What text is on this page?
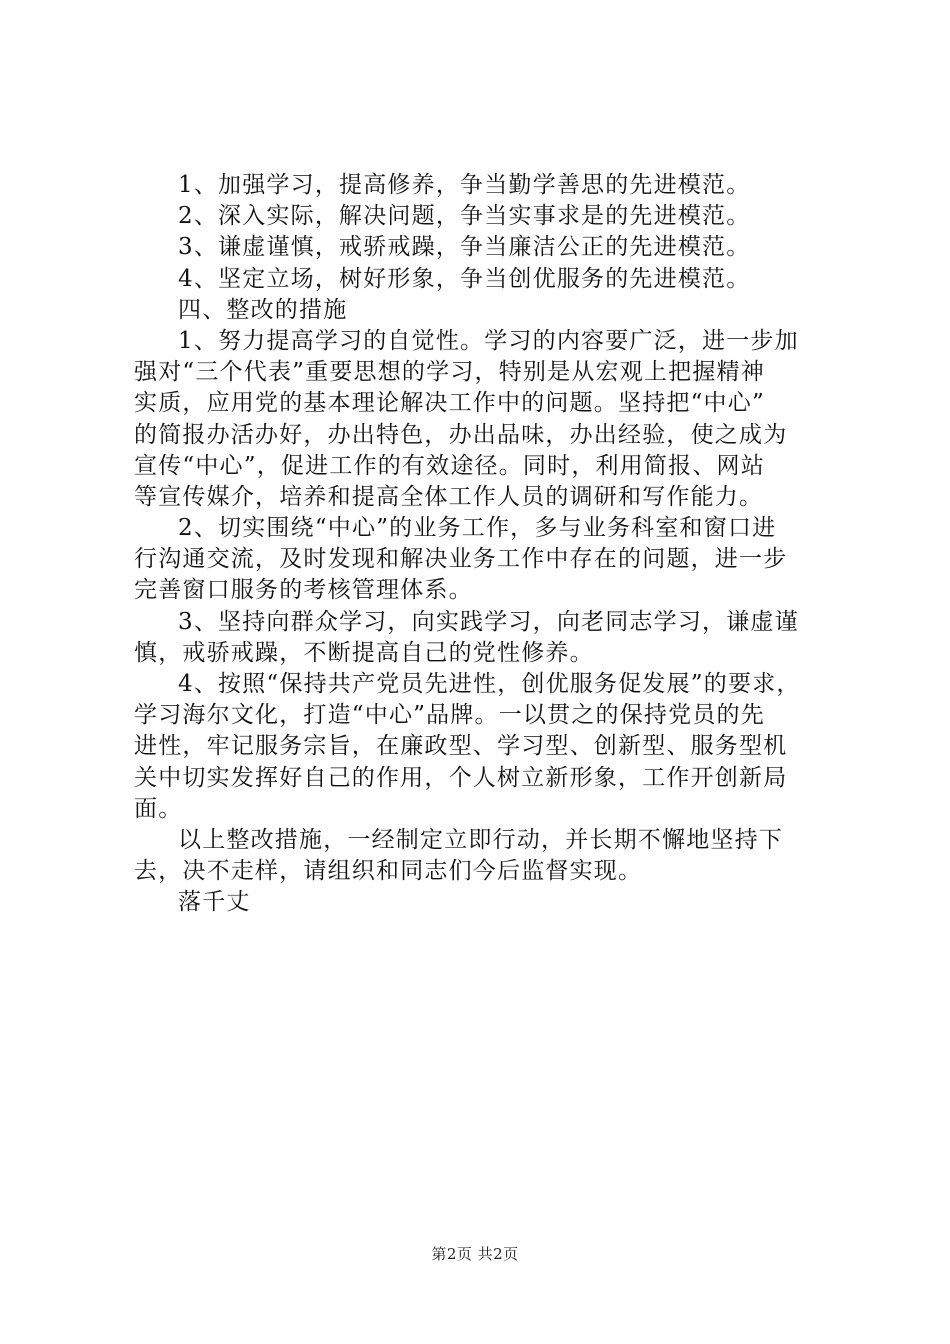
1、加强学习，提高修养，争当勤学善思的先进模范。
2、深入实际，解决问题，争当实事求是的先进模范。
3、谦虚谨慎，戒骄戒躁，争当廉洁公正的先进模范。
4、坚定立场，树好形象，争当创优服务的先进模范。
四、整改的措施
1、努力提高学习的自觉性。学习的内容要广泛，进一步加
强对“三个代表”重要思想的学习，特别是从宏观上把握精神
实质，应用党的基本理论解决工作中的问题。坚持把“中心”
的简报办活办好，办出特色，办出品味，办出经验，使之成为
宣传“中心”，促进工作的有效途径。同时，利用简报、网站
等宣传媒介，培养和提高全体工作人员的调研和写作能力。
2、切实围绕“中心”的业务工作，多与业务科室和窗口进
行沟通交流，及时发现和解决业务工作中存在的问题，进一步
完善窗口服务的考核管理体系。
3、坚持向群众学习，向实践学习，向老同志学习，谦虚谨
慎，戒骄戒躁，不断提高自己的党性修养。
4、按照“保持共产党员先进性，创优服务促发展”的要求，
学习海尔文化，打造“中心”品牌。一以贯之的保持党员的先
进性，牢记服务宗旨，在廉政型、学习型、创新型、服务型机
关中切实发挥好自己的作用，个人树立新形象，工作开创新局
面。
以上整改措施，一经制定立即行动，并长期不懈地坚持下
去，决不走样，请组织和同志们今后监督实现。
落千丈
第2页 共2页
